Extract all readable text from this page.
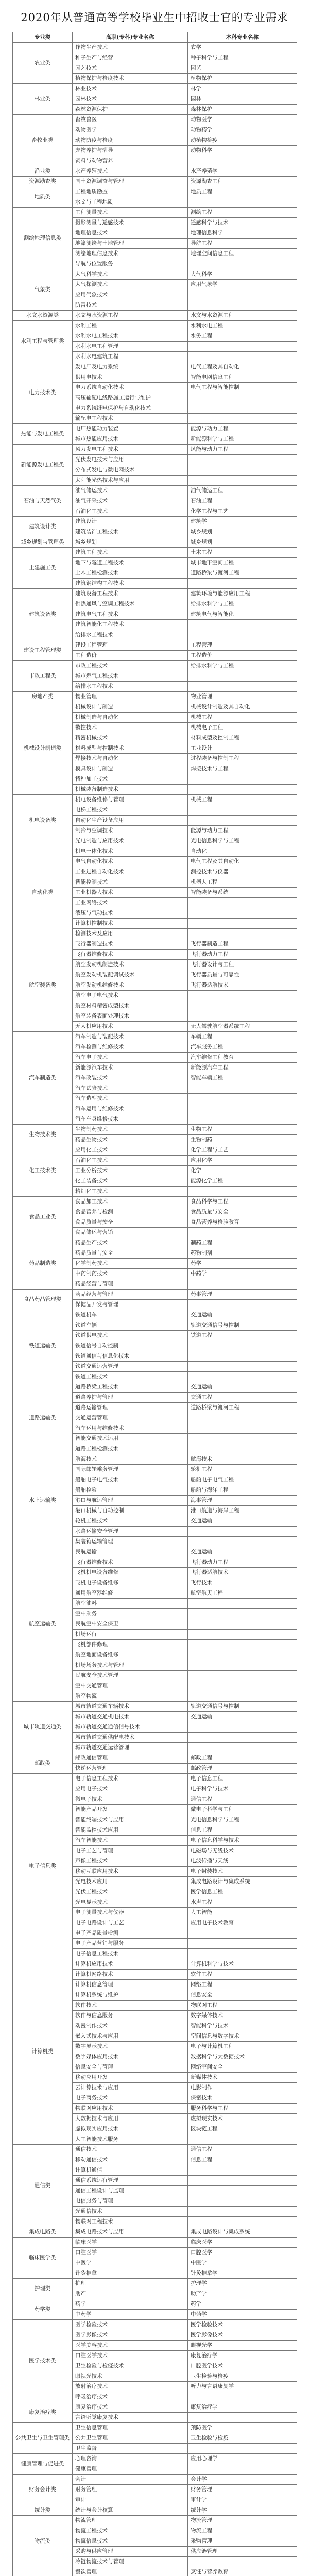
2020年从普通高等学校毕业生中招收士官的专业需求
专业类	高职(专科)专业名称	本科专业名称
农业类	作物生产技术	农学
	种子生产与经营	种子科学与工程
	园艺技术	园艺
	植物保护与检疫技术	植物保护
林业类	林业技术	林学
	园林技术	园林
	森林资源保护	森林保护
畜牧业类	畜牧兽医	动物医学
	动物医学	动物药学
	动物防疫与检疫	动植物检疫
	宠物养护与驯导	动物科学
	饲料与动物营养	
渔业类	水产养殖技术	水产养殖学
资源勘查类	国土资源调查与管理	资源勘查工程
地质类	工程地质勘查	地质工程
	水文与工程地质	
测绘地理信息类	工程测量技术	测绘工程
	摄影测量与遥感技术	遥感科学与技术
	地理信息技术	地理信息科学
	地籍测绘与土地管理	导航工程
	测绘地理信息技术	地理空间信息工程
	导航与位置服务	
气象类	大气科学技术	大气科学
	大气探测技术	应用气象学
	应用气象技术	
	防雷技术	
水文水资源类	水文与水资源工程	水文与水资源工程
水利工程与管理类	水利工程	水利水电工程
	水利水电工程技术	水务工程
	水利水电工程管理	
	水利水电建筑工程	
电力技术类	发电厂及电力系统	电气工程及其自动化
	供用电技术	智能电网信息工程
	电力系统自动化技术	电气工程与智能控制
	高压输配电线路施工运行与维护	
	电力系统继电保护与自动化技术	
	输配电工程技术	
热能与发电工程类	电厂热能动力装置	能源与动力工程
	城市热能应用技术	新能源科学与工程
新能源发电工程类	风力发电工程技术	风能与动力工程
	光伏发电技术与应用	
	分布式发电与微电网技术	
	太阳能光热技术与应用	
石油与天然气类	油气储运技术	油气储运工程
	油气开采技术	石油工程
	石油化工技术	化学工程与工艺
建筑设计类	建筑设计	建筑学
	建筑装饰工程技术	城乡规划
城乡规划与管理类	城乡规划	城乡规划
土建施工类	建筑工程技术	土木工程
	地下与隧道工程技术	城市地下空间工程
	土木工程检测技术	道路桥梁与渡河工程
	建筑钢结构工程技术	
建筑设备类	建筑设备工程技术	建筑环境与能源应用工程
	供热通风与空调工程技术	给排水科学与工程
	建筑电气工程技术	建筑电气与智能化
	建筑智能化工程技术	
	给排水工程技术	
建设工程管理类	建设工程管理	工程管理
	工程造价	工程造价
市政工程类	市政工程技术	给排水科学与工程
	城市燃气工程技术	
	给排水工程技术	
房地产类	物业管理	物业管理
机械设计制造类	机械设计与制造	机械设计制造及其自动化
	机械制造与自动化	机械工程
	数控技术	机械电子工程
	精密机械技术	材料成型及控制工程
	材料成型与控制技术	工业设计
	焊接技术与自动化	过程装备与控制工程
	模具设计与制造	焊接技术与工程
	特种加工技术	
	机械装备制造技术	
机电设备类	机电设备维修与管理	机械工程
	电梯工程技术	
	自动化生产设备应用	
	制冷与空调技术	能源与动力工程
	光电制造与应用技术	光电信息科学与工程
自动化类	机电一体化技术	自动化
	电气自动化技术	电气工程及其自动化
	工业过程自动化技术	测控技术与仪器
	智能控制技术	机器人工程
	工业机器人技术	智能装备与系统
	工业网络技术	
	液压与气动技术	
	计算机控制技术	
	检测技术及应用	
航空装备类	飞行器制造技术	飞行器制造工程
	飞行器维修技术	飞行器动力工程
	航空发动机制造技术	飞行器设计与工程
	航空发动机装配调试技术	飞行器质量与可靠性
	航空发动机维修技术	飞行器适航技术
	航空电子电气技术	
	航空材料精密成型技术	
	航空装备表面处理技术	
	无人机应用技术	无人驾驶航空器系统工程
汽车制造类	汽车制造与装配技术	车辆工程
	汽车检测与维修技术	汽车服务工程
	汽车电子技术	汽车维修工程教育
	新能源汽车技术	新能源汽车工程
	汽车改装技术	智能车辆工程
	汽车试验技术	
	汽车造型技术	
	汽车运用与维修技术	
	汽车车身维修技术	
生物技术类	生物制药技术	生物工程
	药品生物技术	生物制药
化工技术类	应用化工技术	化学工程与工艺
	石油化工技术	应用化学
	工业分析技术	化学
	化工装备技术	能源化学工程
	精细化工技术	
食品工业类	食品加工技术	食品科学与工程
	食品营养与检测	食品质量与安全
	食品质量与安全	食品营养与检验教育
	食品储运与营销	
药品制造类	药品生产技术	制药工程
	药品质量与安全	药物制剂
	化学制药技术	药学
	中药制药技术	中药学
	药品经营与管理	
食品药品管理类	药品经营与管理	药事管理
	保健品开发与管理	
铁道运输类	铁道机车	交通运输
	铁道车辆	轨道交通信号与控制
	铁道供电技术	铁道工程
	铁道信号自动控制	
	铁道通信与信息化技术	
	铁道交通运营管理	
	铁道工程技术	
道路运输类	道路桥梁工程技术	交通运输
	道路养护与管理	交通工程
	道路运输管理	道路桥梁与渡河工程
	交通运营管理	
	汽车运用与维修技术	
	智能交通技术运用	
	道路工程检测技术	
水上运输类	航海技术	航海技术
	国际邮轮乘务管理	轮机工程
	船舶电子电气技术	船舶电子电气工程
	船舶检验	船舶与海洋工程
	港口与航运管理	海事管理
	港口机械与自动控制	港口航道与海岸工程
	轮机工程技术	交通运输
	水路运输安全管理	
	集装箱运输管理	
航空运输类	民航运输	交通运输
	飞行器维修技术	飞行器动力工程
	飞机机电设备维修	飞行器适航技术
	飞机电子设备维修	飞行技术
	通用航空器维修	航空航天工程
	航空油料	
	空中乘务	
	民航空中安全保卫	
	机场运行	
	飞机部件修理	
	航空地面设备维修	
	机场场务技术与管理	
	民航安全技术管理	
	空中交通管理	
	航空物流	
城市轨道交通类	城市轨道交通车辆技术	轨道交通信号与控制
	城市轨道交通机电技术	交通运输
	城市轨道交通通信信号技术	
	城市轨道交通供配电技术	
	城市轨道交通运营管理	
邮政类	邮政通信管理	邮政工程
	快递运营管理	邮政管理
电子信息类	电子信息工程技术	电子信息工程
	应用电子技术	电子科学与技术
	微电子技术	通信工程
	智能产品开发	微电子科学与工程
	智能终端技术与应用	光电信息科学与工程
	智能监控技术应用	信息工程
	汽车智能技术	电子信息科学与技术
	电子工艺与管理	电磁场与无线技术
	声像工程技术	电波传播与天线
	移动互联应用技术	电子封装技术
	光电技术应用	集成电路设计与集成系统
	光伏工程技术	医学信息工程
	光电显示技术	水声工程
	电子测量技术与仪器	人工智能
	电子电路设计与工艺	应用电子技术教育
	电子产品质量检测	
	电子产品营销与服务	
	电子信息工程技术	
计算机类	计算机应用技术	计算机科学与技术
	计算机网络技术	软件工程
	计算机信息管理	网络工程
	计算机系统与维护	信息安全
	软件技术	物联网工程
	软件与信息服务	数字媒体技术
	动漫制作技术	智能科学与技术
	嵌入式技术与应用	空间信息与数字技术
	数字展示技术	电子与计算机工程
	数字媒体应用技术	数据科学与大数据技术
	信息安全与管理	网络空间安全
	移动应用开发	新媒体技术
	云计算技术与应用	电影制作
	电子商务技术	保密技术
	物联网应用技术	服务科学与工程
	大数据技术与应用	虚拟现实技术
	虚拟现实应用技术	区块链工程
	人工智能技术服务	
通信类	通信技术	通信工程
	移动通信技术	信息工程
	计算机通信	
	通信系统运行管理	
	通信工程设计与监理	
	电信服务与管理	
	光通信技术	
	物联网工程技术	
集成电路类	集成电路技术与应用	集成电路设计与集成系统
临床医学类	临床医学	临床医学
	口腔医学	口腔医学
	中医学	中医学
	针灸推拿	针灸推拿学
护理类	护理	护理学
	助产	助产学
药学类	药学	药学
	中药学	中药学
医学技术类	医学检验技术	医学检验技术
	医学影像技术	医学影像技术
	医学美容技术	眼视光学
	口腔医学技术	康复治疗学
	卫生检验与检疫技术	口腔医学技术
	眼视光技术	卫生检验与检疫
	放射治疗技术	听力与言语康复学
	呼吸治疗技术	
康复治疗类	康复治疗技术	康复治疗学
	言语听觉康复技术	
公共卫生与卫生管理类	卫生信息管理	预防医学
	公共卫生管理	卫生检验与检疫
	卫生监督	
健康管理与促进类	心理咨询	应用心理学
	健康管理	
财务会计类	会计	会计学
	财务管理	财务管理
	审计	审计学
统计类	统计与会计核算	统计学
物流类	物流管理	物流管理
	物流工程技术	物流工程
	物流信息技术	采购管理
	采购与供应管理	供应链管理
	冷链物流技术与管理	
	餐饮管理	烹饪与营养教育
